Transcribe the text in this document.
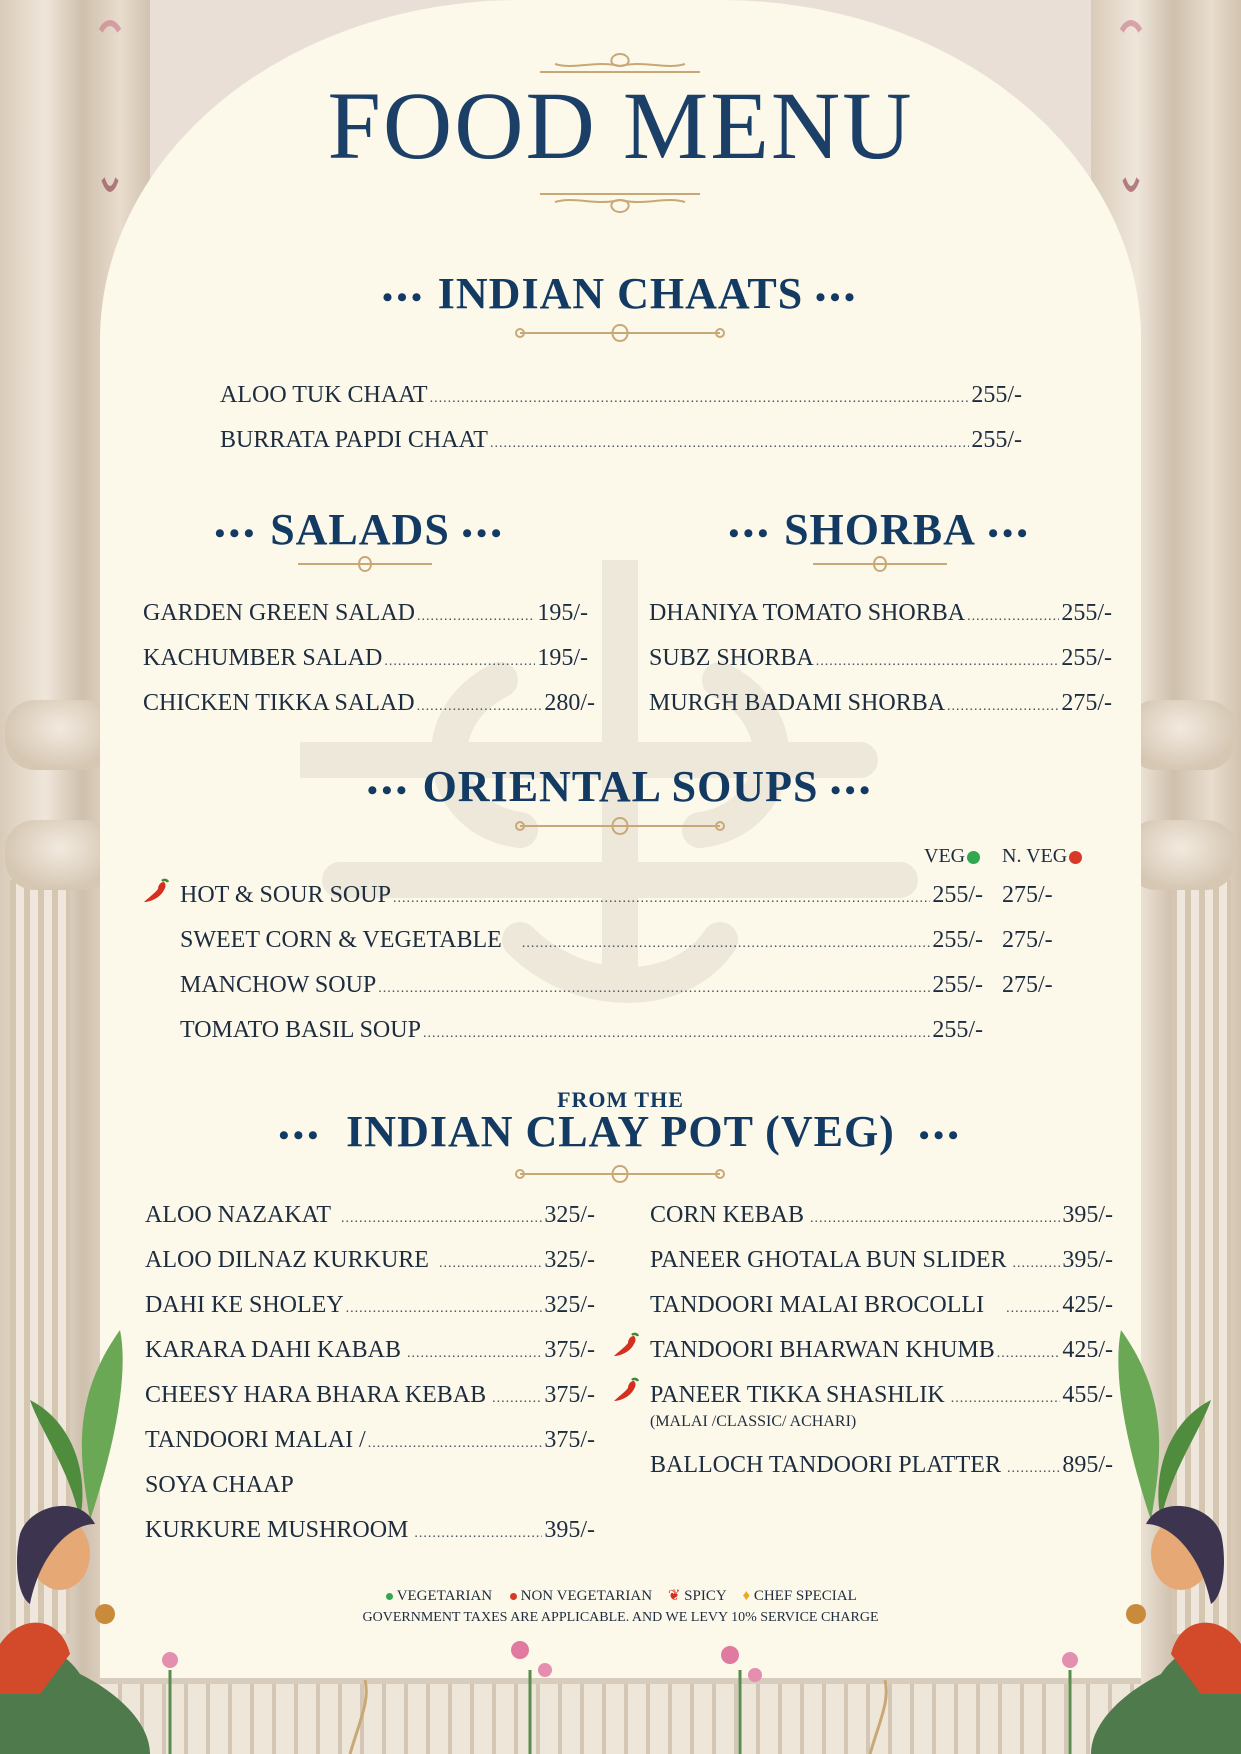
FOOD MENU
••• INDIAN CHAATS •••
ALOO TUK CHAAT .....	255/-
BURRATA PAPDI CHAAT .....	255/-
••• SALADS •••
GARDEN GREEN SALAD .....	195/-
KACHUMBER SALAD .....	195/-
CHICKEN TIKKA SALAD .....	280/-
••• SHORBA •••
DHANIYA TOMATO SHORBA .....	255/-
SUBZ SHORBA .....	255/-
MURGH BADAMI SHORBA .....	275/-
••• ORIENTAL SOUPS •••
VEG	N. VEG
HOT & SOUR SOUP .....	255/- 275/-
SWEET CORN & VEGETABLE .....	255/- 275/-
MANCHOW SOUP .....	255/- 275/-
TOMATO BASIL SOUP .....	255/-
FROM THE
••• INDIAN CLAY POT (VEG) •••
ALOO NAZAKAT .....	325/-
ALOO DILNAZ KURKURE .....	325/-
DAHI KE SHOLEY .....	325/-
KARARA DAHI KABAB .....	375/-
CHEESY HARA BHARA KEBAB ..... 375/-
TANDOORI MALAI / .....	375/-
SOYA CHAAP
KURKURE MUSHROOM .....	395/-
CORN KEBAB .....	395/-
PANEER GHOTALA BUN SLIDER ..... 395/-
TANDOORI MALAI BROCOLLI .....	425/-
TANDOORI BHARWAN KHUMB .....	425/-
PANEER TIKKA SHASHLIK .....	455/-
(MALAI /CLASSIC/ ACHARI)
BALLOCH TANDOORI PLATTER .....	895/-
VEGETARIAN NON VEGETARIAN ❦ SPICY ♦ CHEF SPECIAL
GOVERNMENT TAXES ARE APPLICABLE. AND WE LEVY 10% SERVICE CHARGE
